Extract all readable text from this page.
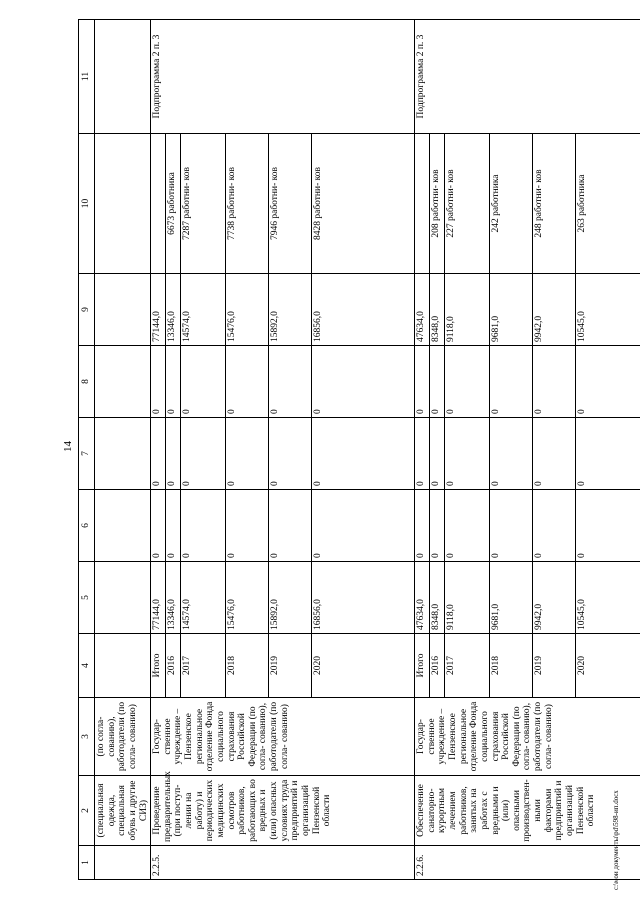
14
1	2	3	4	5	6	7	8	9	10	11
	(специальная одежда, специальная обувь и другие СИЗ)	(по согла- сованию), работодатели (по согла- сованию)								
2.2.5.	Проведение предварительных (при поступ- лении на работу) и периодических медицинских осмотров работников, работающих во вредных и (или) опасных условиях труда предприятий и организаций Пензенской области	Государ- ственное учреждение – Пензенское региональное отделение Фонда социального страхования Российской Федерации (по согла- сованию), работодатели (по согла- сованию)	Итого	77144,0	0	0	0	77144,0		Подпрограмма 2 п. 3
			2016	13346,0	0	0	0	13346,0	6673 работника	
			2017	14574,0	0	0	0	14574,0	7287 работни- ков	
			2018	15476,0	0	0	0	15476,0	7738 работни- ков	
			2019	15892,0	0	0	0	15892,0	7946 работни- ков	
			2020	16856,0	0	0	0	16856,0	8428 работни- ков	
2.2.6.	Обеспечение санаторно- курортным лечением работников, занятых на работах с вредными и (или) опасными производствен- ными факторами предприятий и организаций Пензенской области	Государ- ственное учреждение – Пензенское региональное отделение Фонда социального страхования Российской Федерации (по согла- сованию), работодатели (по согла- сованию)	Итого	47634,0	0	0	0	47634,0		Подпрограмма 2 п. 3
			2016	8348,0	0	0	0	8348,0	208 работни- ков	
			2017	9118,0	0	0	0	9118,0	227 работни- ков	
			2018	9681,0	0	0	0	9681,0	242 работника	
			2019	9942,0	0	0	0	9942,0	248 работни- ков	
			2020	10545,0	0	0	0	10545,0	263 работника	
c:\мои документы\pd\598-ип.docx
